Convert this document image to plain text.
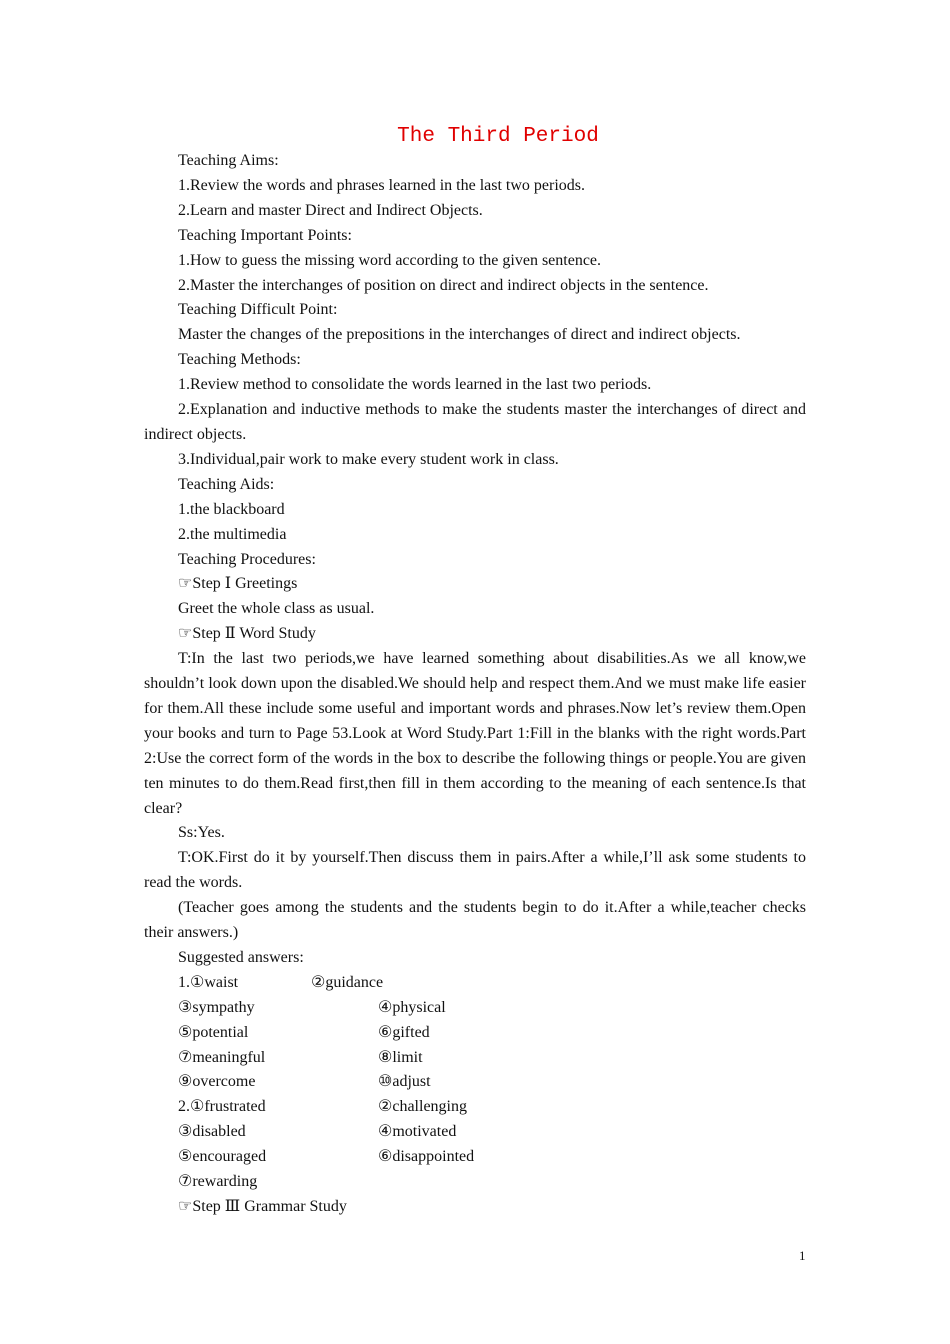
The Third Period

Teaching Aims:

1.Review the words and phrases learned in the last two periods.

2.Learn and master Direct and Indirect Objects.

Teaching Important Points:

1.How to guess the missing word according to the given sentence.

2.Master the interchanges of position on direct and indirect objects in the sentence.

Teaching Difficult Point:

Master the changes of the prepositions in the interchanges of direct and indirect objects.

Teaching Methods:

1.Review method to consolidate the words learned in the last two periods.

2.Explanation and inductive methods to make the students master the interchanges of direct and indirect objects.

3.Individual,pair work to make every student work in class.

Teaching Aids:

1.the blackboard

2.the multimedia

Teaching Procedures:

☞Step Ⅰ Greetings

Greet the whole class as usual.

☞Step Ⅱ Word Study

T:In the last two periods,we have learned something about disabilities.As we all know,we shouldn’t look down upon the disabled.We should help and respect them.And we must make life easier for them.All these include some useful and important words and phrases.Now let’s review them.Open your books and turn to Page 53.Look at Word Study.Part 1:Fill in the blanks with the right words.Part 2:Use the correct form of the words in the box to describe the following things or people.You are given ten minutes to do them.Read first,then fill in them according to the meaning of each sentence.Is that clear?

Ss:Yes.

T:OK.First do it by yourself.Then discuss them in pairs.After a while,I’ll ask some students to read the words.

(Teacher goes among the students and the students begin to do it.After a while,teacher checks their answers.)

Suggested answers:

1.①waist	②guidance
③sympathy	④physical
⑤potential	⑥gifted
⑦meaningful	⑧limit
⑨overcome	⑩adjust
2.①frustrated	②challenging
③disabled	④motivated
⑤encouraged	⑥disappointed
⑦rewarding

☞Step Ⅲ Grammar Study

1
